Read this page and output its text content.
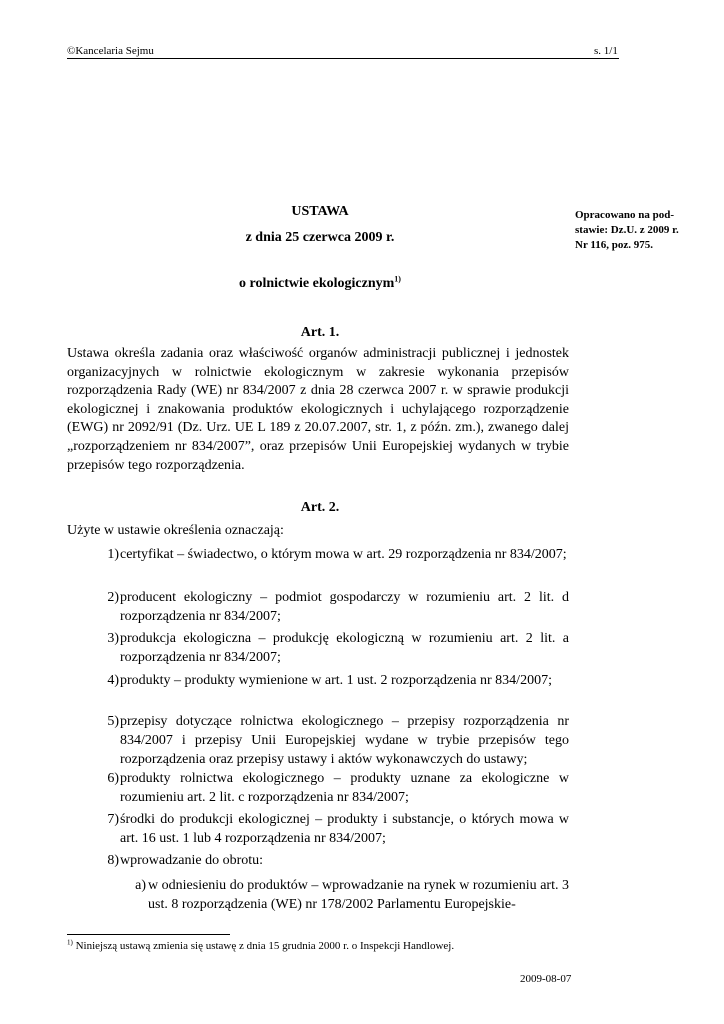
©Kancelaria Sejmu	s. 1/1
USTAWA
z dnia 25 czerwca 2009 r.
o rolnictwie ekologicznym$^{1)}$
Opracowano na pod- stawie: Dz.U. z 2009 r. Nr 116, poz. 975.
Art. 1.
Ustawa określa zadania oraz właściwość organów administracji publicznej i jednostek organizacyjnych w rolnictwie ekologicznym w zakresie wykonania przepisów rozporządzenia Rady (WE) nr 834/2007 z dnia 28 czerwca 2007 r. w sprawie produkcji ekologicznej i znakowania produktów ekologicznych i uchylającego rozporządzenie (EWG) nr 2092/91 (Dz. Urz. UE L 189 z 20.07.2007, str. 1, z późn. zm.), zwanego dalej „rozporządzeniem nr 834/2007”, oraz przepisów Unii Europejskiej wydanych w trybie przepisów tego rozporządzenia.
Art. 2.
Użyte w ustawie określenia oznaczają:
1) certyfikat – świadectwo, o którym mowa w art. 29 rozporządzenia nr 834/2007;
2) producent ekologiczny – podmiot gospodarczy w rozumieniu art. 2 lit. d rozporządzenia nr 834/2007;
3) produkcja ekologiczna – produkcję ekologiczną w rozumieniu art. 2 lit. a rozporządzenia nr 834/2007;
4) produkty – produkty wymienione w art. 1 ust. 2 rozporządzenia nr 834/2007;
5) przepisy dotyczące rolnictwa ekologicznego – przepisy rozporządzenia nr 834/2007 i przepisy Unii Europejskiej wydane w trybie przepisów tego rozporządzenia oraz przepisy ustawy i aktów wykonawczych do ustawy;
6) produkty rolnictwa ekologicznego – produkty uznane za ekologiczne w rozumieniu art. 2 lit. c rozporządzenia nr 834/2007;
7) środki do produkcji ekologicznej – produkty i substancje, o których mowa w art. 16 ust. 1 lub 4 rozporządzenia nr 834/2007;
8) wprowadzanie do obrotu:
a) w odniesieniu do produktów – wprowadzanie na rynek w rozumieniu art. 3 ust. 8 rozporządzenia (WE) nr 178/2002 Parlamentu Europejskie-
$^{1)}$ Niniejszą ustawą zmienia się ustawę z dnia 15 grudnia 2000 r. o Inspekcji Handlowej.
2009-08-07
